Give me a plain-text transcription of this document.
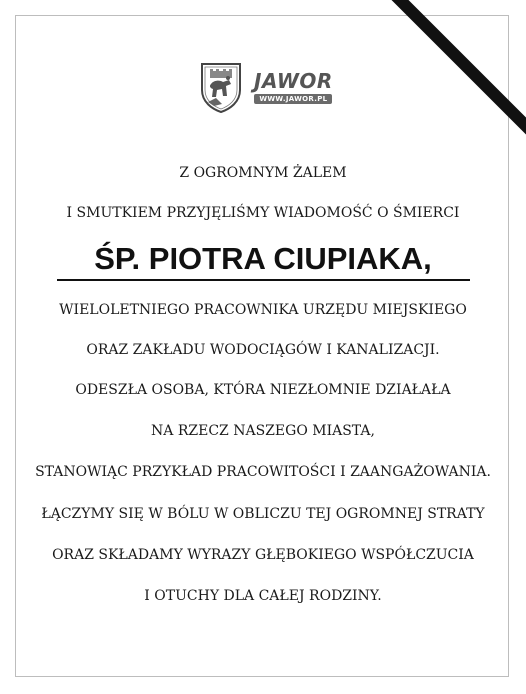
JAWOR
WWW.JAWOR.PL
Z OGROMNYM ŻALEM
I SMUTKIEM PRZYJĘLIŚMY WIADOMOŚĆ O ŚMIERCI
ŚP. PIOTRA CIUPIAKA,
WIELOLETNIEGO PRACOWNIKA URZĘDU MIEJSKIEGO
ORAZ ZAKŁADU WODOCIĄGÓW I KANALIZACJI.
ODESZŁA OSOBA, KTÓRA NIEZŁOMNIE DZIAŁAŁA
NA RZECZ NASZEGO MIASTA,
STANOWIĄC PRZYKŁAD PRACOWITOŚCI I ZAANGAŻOWANIA.
ŁĄCZYMY SIĘ W BÓLU W OBLICZU TEJ OGROMNEJ STRATY
ORAZ SKŁADAMY WYRAZY GŁĘBOKIEGO WSPÓŁCZUCIA
I OTUCHY DLA CAŁEJ RODZINY.
